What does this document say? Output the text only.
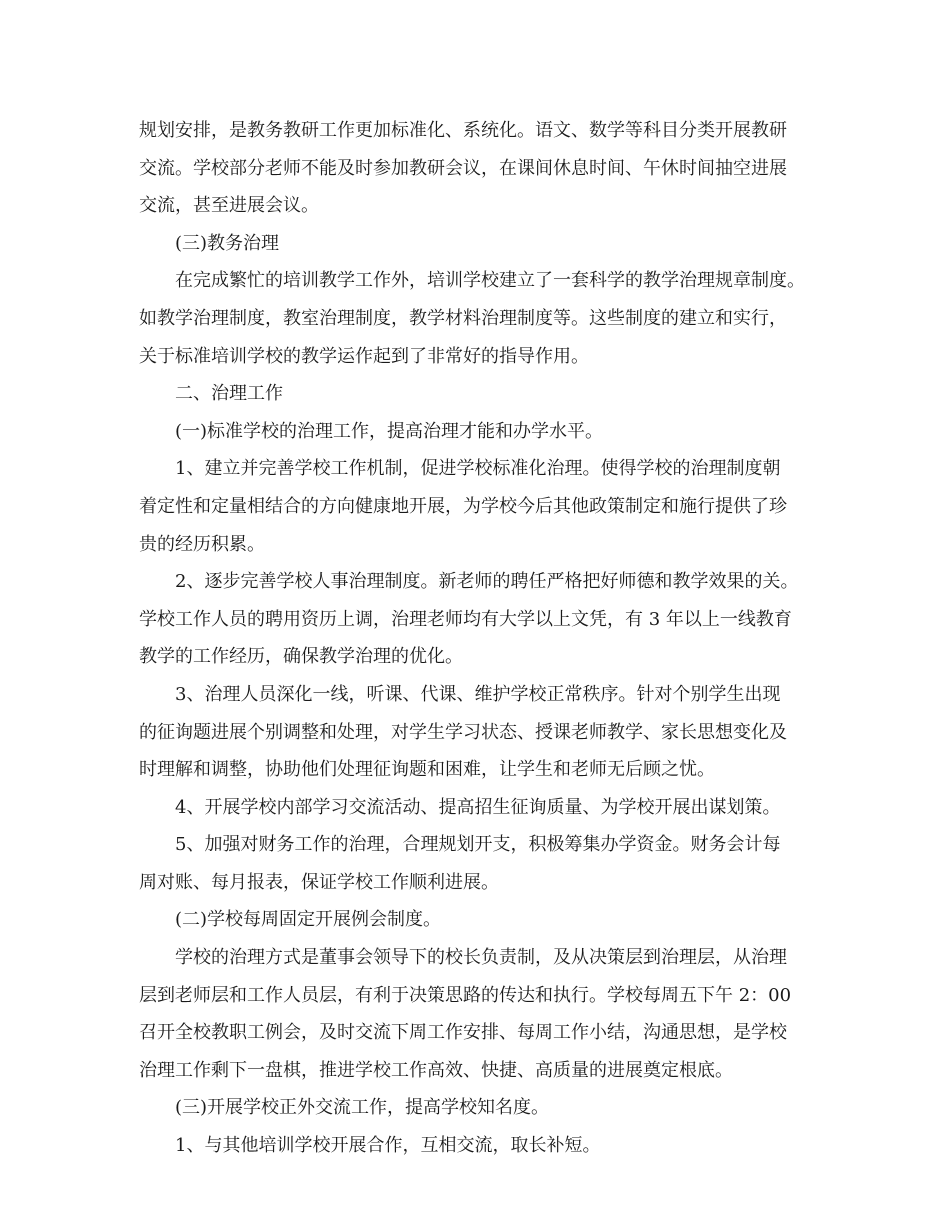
规划安排，是教务教研工作更加标准化、系统化。语文、数学等科目分类开展教研
交流。学校部分老师不能及时参加教研会议，在课间休息时间、午休时间抽空进展
交流，甚至进展会议。
(三)教务治理
在完成繁忙的培训教学工作外，培训学校建立了一套科学的教学治理规章制度。
如教学治理制度，教室治理制度，教学材料治理制度等。这些制度的建立和实行，
关于标准培训学校的教学运作起到了非常好的指导作用。
二、治理工作
(一)标准学校的治理工作，提高治理才能和办学水平。
1、建立并完善学校工作机制，促进学校标准化治理。使得学校的治理制度朝
着定性和定量相结合的方向健康地开展，为学校今后其他政策制定和施行提供了珍
贵的经历积累。
2、逐步完善学校人事治理制度。新老师的聘任严格把好师德和教学效果的关。
学校工作人员的聘用资历上调，治理老师均有大学以上文凭，有 3 年以上一线教育
教学的工作经历，确保教学治理的优化。
3、治理人员深化一线，听课、代课、维护学校正常秩序。针对个别学生出现
的征询题进展个别调整和处理，对学生学习状态、授课老师教学、家长思想变化及
时理解和调整，协助他们处理征询题和困难，让学生和老师无后顾之忧。
4、开展学校内部学习交流活动、提高招生征询质量、为学校开展出谋划策。
5、加强对财务工作的治理，合理规划开支，积极筹集办学资金。财务会计每
周对账、每月报表，保证学校工作顺利进展。
(二)学校每周固定开展例会制度。
学校的治理方式是董事会领导下的校长负责制，及从决策层到治理层，从治理
层到老师层和工作人员层，有利于决策思路的传达和执行。学校每周五下午 2：00
召开全校教职工例会，及时交流下周工作安排、每周工作小结，沟通思想，是学校
治理工作剩下一盘棋，推进学校工作高效、快捷、高质量的进展奠定根底。
(三)开展学校正外交流工作，提高学校知名度。
1、与其他培训学校开展合作，互相交流，取长补短。
